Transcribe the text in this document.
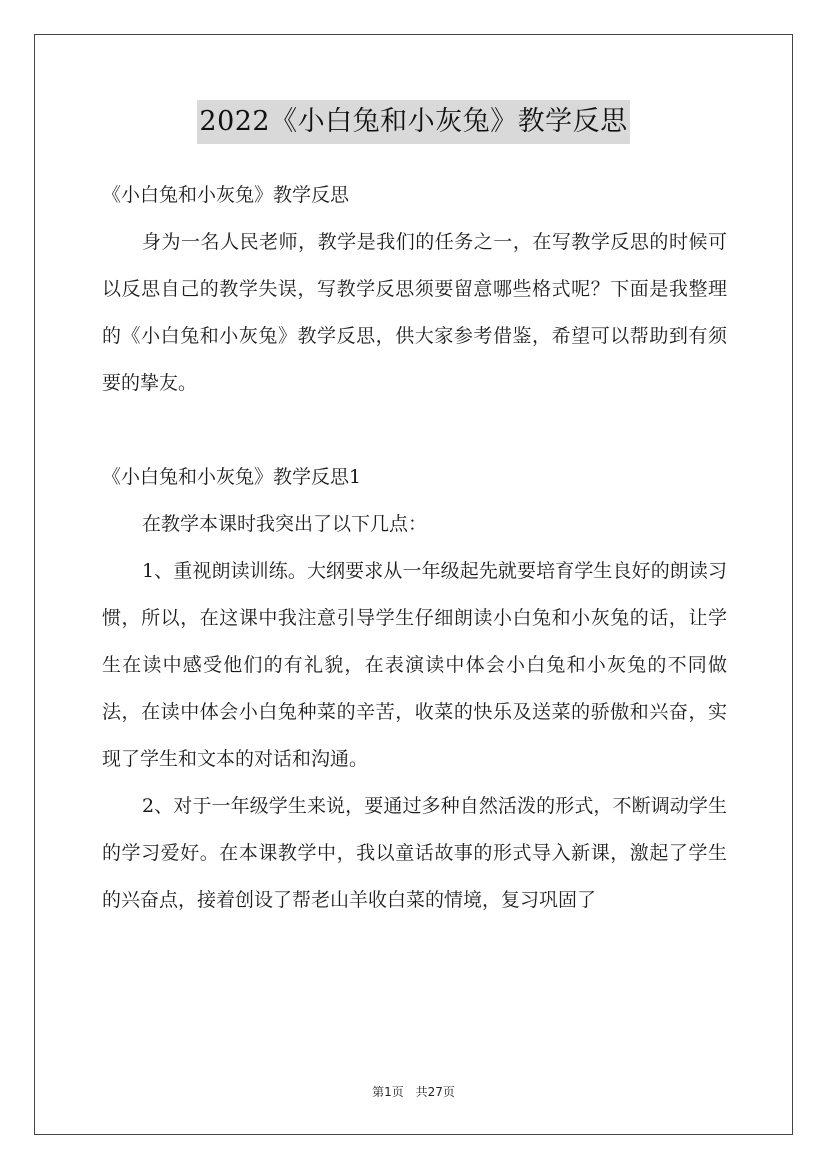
2022《小白兔和小灰兔》教学反思

《小白兔和小灰兔》教学反思

身为一名人民老师，教学是我们的任务之一，在写教学反思的时候可以反思自己的教学失误，写教学反思须要留意哪些格式呢？下面是我整理的《小白兔和小灰兔》教学反思，供大家参考借鉴，希望可以帮助到有须要的挚友。

《小白兔和小灰兔》教学反思1

在教学本课时我突出了以下几点：

1、重视朗读训练。大纲要求从一年级起先就要培育学生良好的朗读习惯，所以，在这课中我注意引导学生仔细朗读小白兔和小灰兔的话，让学生在读中感受他们的有礼貌，在表演读中体会小白兔和小灰兔的不同做法，在读中体会小白兔种菜的辛苦，收菜的快乐及送菜的骄傲和兴奋，实现了学生和文本的对话和沟通。

2、对于一年级学生来说，要通过多种自然活泼的形式，不断调动学生的学习爱好。在本课教学中，我以童话故事的形式导入新课，激起了学生的兴奋点，接着创设了帮老山羊收白菜的情境，复习巩固了

第1页 共27页
